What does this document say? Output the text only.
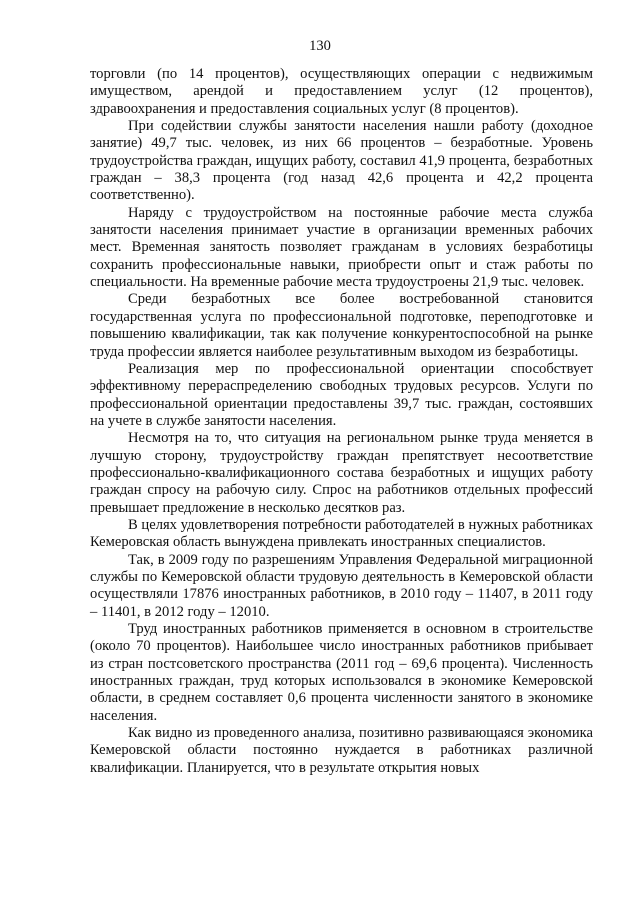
130

торговли (по 14 процентов), осуществляющих операции с недвижимым имуществом, арендой и предоставлением услуг (12 процентов), здравоохранения и предоставления социальных услуг (8 процентов).

При содействии службы занятости населения нашли работу (доходное занятие) 49,7 тыс. человек, из них 66 процентов – безработные. Уровень трудоустройства граждан, ищущих работу, составил 41,9 процента, безработных граждан – 38,3 процента (год назад 42,6 процента и 42,2 процента соответственно).

Наряду с трудоустройством на постоянные рабочие места служба занятости населения принимает участие в организации временных рабочих мест. Временная занятость позволяет гражданам в условиях безработицы сохранить профессиональные навыки, приобрести опыт и стаж работы по специальности. На временные рабочие места трудоустроены 21,9 тыс. человек.

Среди безработных все более востребованной становится государственная услуга по профессиональной подготовке, переподготовке и повышению квалификации, так как получение конкурентоспособной на рынке труда профессии является наиболее результативным выходом из безработицы.

Реализация мер по профессиональной ориентации способствует эффективному перераспределению свободных трудовых ресурсов. Услуги по профессиональной ориентации предоставлены 39,7 тыс. граждан, состоявших на учете в службе занятости населения.

Несмотря на то, что ситуация на региональном рынке труда меняется в лучшую сторону, трудоустройству граждан препятствует несоответствие профессионально-квалификационного состава безработных и ищущих работу граждан спросу на рабочую силу. Спрос на работников отдельных профессий превышает предложение в несколько десятков раз.

В целях удовлетворения потребности работодателей в нужных работниках Кемеровская область вынуждена привлекать иностранных специалистов.

Так, в 2009 году по разрешениям Управления Федеральной миграционной службы по Кемеровской области трудовую деятельность в Кемеровской области осуществляли 17876 иностранных работников, в 2010 году – 11407, в 2011 году – 11401, в 2012 году – 12010.

Труд иностранных работников применяется в основном в строительстве (около 70 процентов). Наибольшее число иностранных работников прибывает из стран постсоветского пространства (2011 год – 69,6 процента). Численность иностранных граждан, труд которых использовался в экономике Кемеровской области, в среднем составляет 0,6 процента численности занятого в экономике населения.

Как видно из проведенного анализа, позитивно развивающаяся экономика Кемеровской области постоянно нуждается в работниках различной квалификации. Планируется, что в результате открытия новых
